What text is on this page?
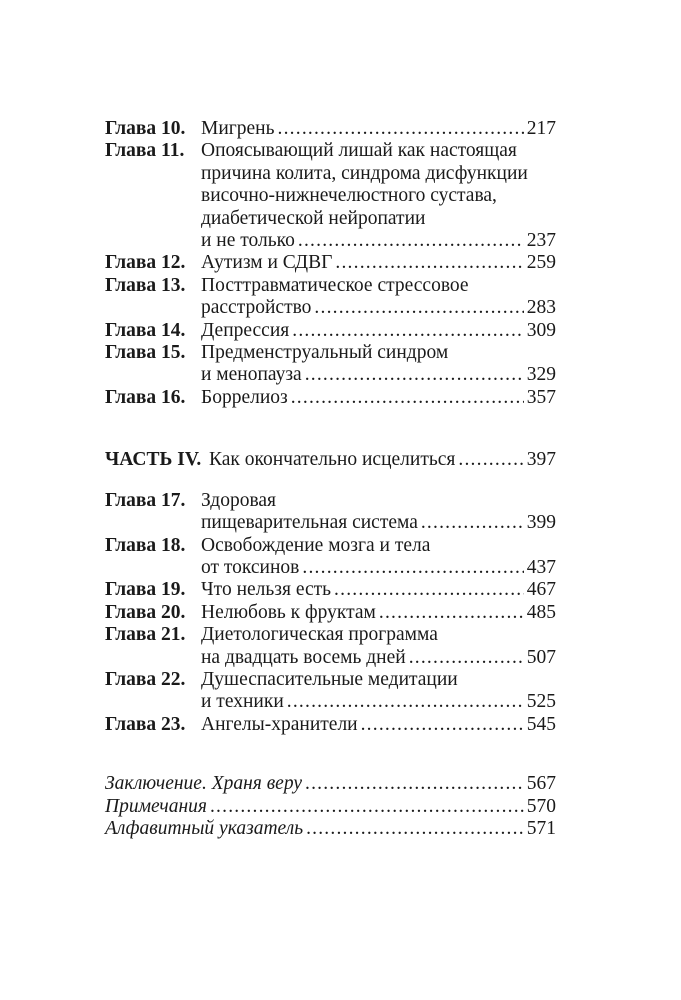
Глава 10. Мигрень .....	217
Глава 11. Опоясывающий лишай как настоящая
причина колита, синдрома дисфункции
височно-нижнечелюстного сустава,
диабетической нейропатии
и не только .....	237
Глава 12. Аутизм и СДВГ .....	259
Глава 13. Посттравматическое стрессовое
расстройство .....	283
Глава 14. Депрессия .....	309
Глава 15. Предменструальный синдром
и менопауза .....	329
Глава 16. Боррелиоз .....	357
ЧАСТЬ IV. Как окончательно исцелиться .....	397
Глава 17. Здоровая
пищеварительная система .....	399
Глава 18. Освобождение мозга и тела
от токсинов .....	437
Глава 19. Что нельзя есть .....	467
Глава 20. Нелюбовь к фруктам .....	485
Глава 21. Диетологическая программа
на двадцать восемь дней .....	507
Глава 22. Душеспасительные медитации
и техники .....	525
Глава 23. Ангелы-хранители .....	545
Заключение. Храня веру .....	567
Примечания .....	570
Алфавитный указатель .....	571
